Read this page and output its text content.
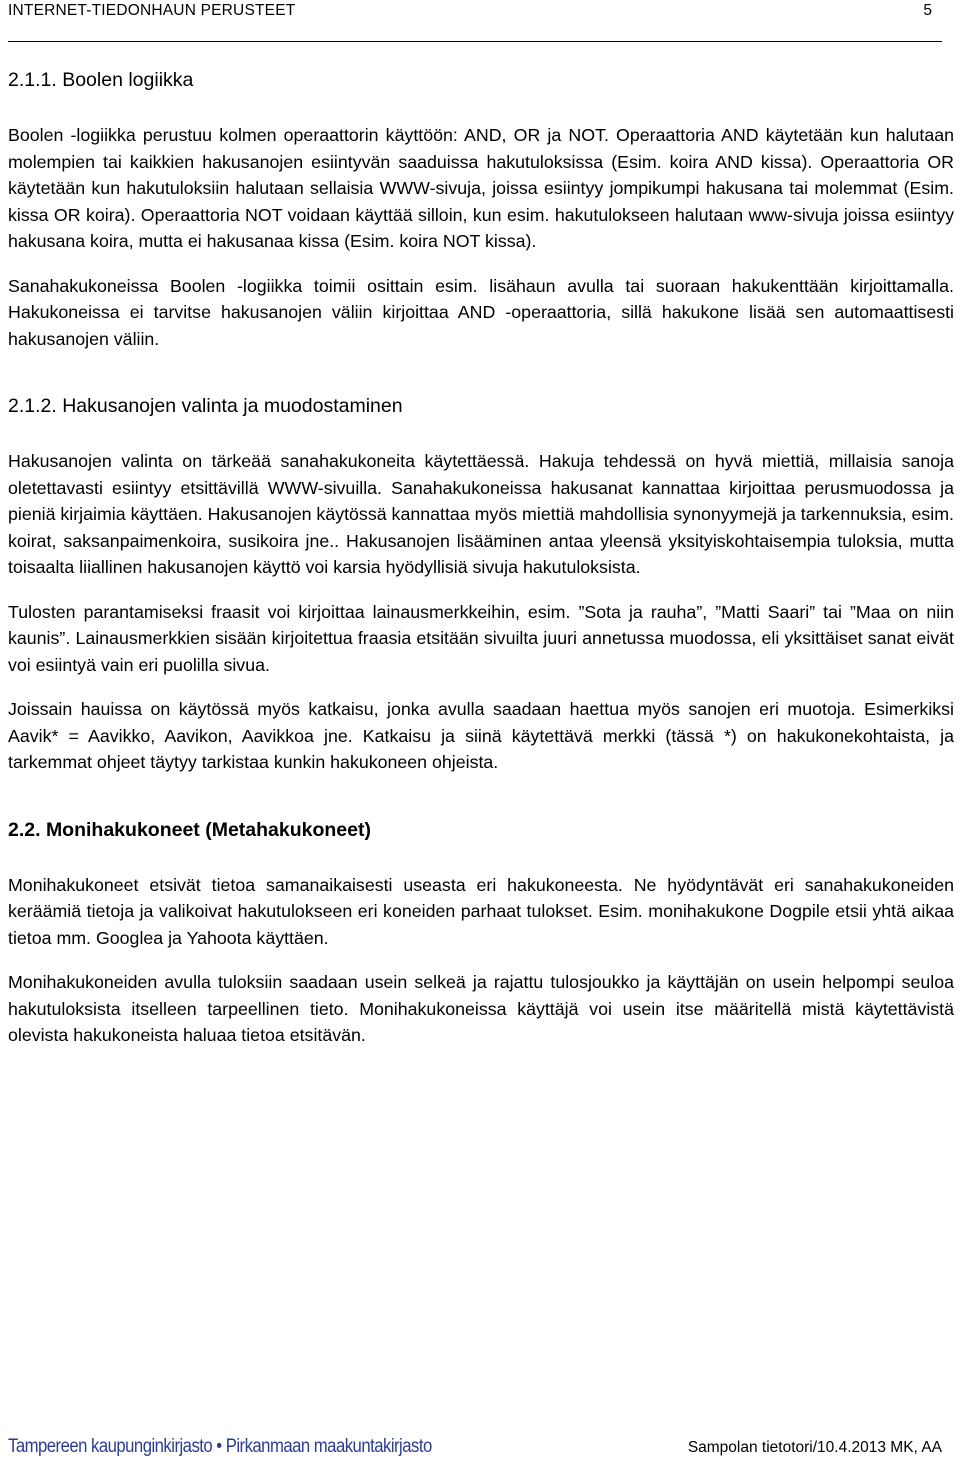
INTERNET-TIEDONHAUN PERUSTEET	5
2.1.1. Boolen logiikka

Boolen -logiikka perustuu kolmen operaattorin käyttöön: AND, OR ja NOT. Operaattoria AND käytetään kun halutaan molempien tai kaikkien hakusanojen esiintyvän saaduissa hakutuloksissa (Esim. koira AND kissa). Operaattoria OR käytetään kun hakutuloksiin halutaan sellaisia WWW-sivuja, joissa esiintyy jompikumpi hakusana tai molemmat (Esim. kissa OR koira). Operaattoria NOT voidaan käyttää silloin, kun esim. hakutulokseen halutaan www-sivuja joissa esiintyy hakusana koira, mutta ei hakusanaa kissa (Esim. koira NOT kissa).

Sanahakukoneissa Boolen -logiikka toimii osittain esim. lisähaun avulla tai suoraan hakukenttään kirjoittamalla. Hakukoneissa ei tarvitse hakusanojen väliin kirjoittaa AND -operaattoria, sillä hakukone lisää sen automaattisesti hakusanojen väliin.

2.1.2. Hakusanojen valinta ja muodostaminen

Hakusanojen valinta on tärkeää sanahakukoneita käytettäessä. Hakuja tehdessä on hyvä miettiä, millaisia sanoja oletettavasti esiintyy etsittävillä WWW-sivuilla. Sanahakukoneissa hakusanat kannattaa kirjoittaa perusmuodossa ja pieniä kirjaimia käyttäen. Hakusanojen käytössä kannattaa myös miettiä mahdollisia synonyymejä ja tarkennuksia, esim. koirat, saksanpaimenkoira, susikoira jne.. Hakusanojen lisääminen antaa yleensä yksityiskohtaisempia tuloksia, mutta toisaalta liiallinen hakusanojen käyttö voi karsia hyödyllisiä sivuja hakutuloksista.

Tulosten parantamiseksi fraasit voi kirjoittaa lainausmerkkeihin, esim. ”Sota ja rauha”, ”Matti Saari” tai ”Maa on niin kaunis”. Lainausmerkkien sisään kirjoitettua fraasia etsitään sivuilta juuri annetussa muodossa, eli yksittäiset sanat eivät voi esiintyä vain eri puolilla sivua.

Joissain hauissa on käytössä myös katkaisu, jonka avulla saadaan haettua myös sanojen eri muotoja. Esimerkiksi Aavik* = Aavikko, Aavikon, Aavikkoa jne. Katkaisu ja siinä käytettävä merkki (tässä *) on hakukonekohtaista, ja tarkemmat ohjeet täytyy tarkistaa kunkin hakukoneen ohjeista.

2.2. Monihakukoneet (Metahakukoneet)

Monihakukoneet etsivät tietoa samanaikaisesti useasta eri hakukoneesta. Ne hyödyntävät eri sanahakukoneiden keräämiä tietoja ja valikoivat hakutulokseen eri koneiden parhaat tulokset. Esim. monihakukone Dogpile etsii yhtä aikaa tietoa mm. Googlea ja Yahoota käyttäen.

Monihakukoneiden avulla tuloksiin saadaan usein selkeä ja rajattu tulosjoukko ja käyttäjän on usein helpompi seuloa hakutuloksista itselleen tarpeellinen tieto. Monihakukoneissa käyttäjä voi usein itse määritellä mistä käytettävistä olevista hakukoneista haluaa tietoa etsitävän.

Tampereen kaupunginkirjasto • Pirkanmaan maakuntakirjasto	Sampolan tietotori/10.4.2013 MK, AA
